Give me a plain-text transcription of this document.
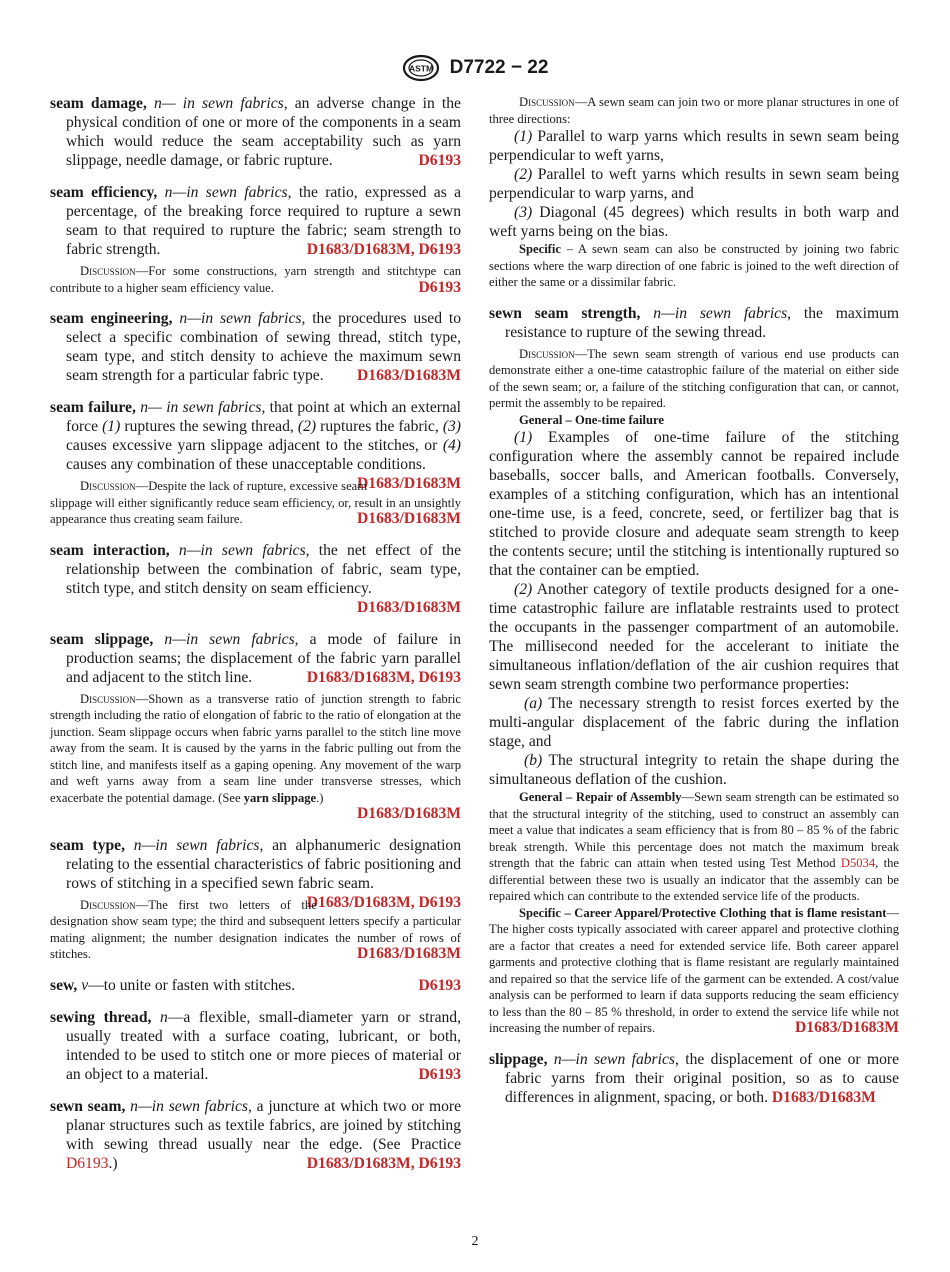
ASTM D7722 − 22
seam damage, n— in sewn fabrics, an adverse change in the physical condition of one or more of the components in a seam which would reduce the seam acceptability such as yarn slippage, needle damage, or fabric rupture.	D6193
seam efficiency, n—in sewn fabrics, the ratio, expressed as a percentage, of the breaking force required to rupture a sewn seam to that required to rupture the fabric; seam strength to fabric strength.	D1683/D1683M, D6193
Discussion—For some constructions, yarn strength and stitchtype can contribute to a higher seam efficiency value.	D6193
seam engineering, n—in sewn fabrics, the procedures used to select a specific combination of sewing thread, stitch type, seam type, and stitch density to achieve the maximum sewn seam strength for a particular fabric type. D1683/D1683M
seam failure, n— in sewn fabrics, that point at which an external force (1) ruptures the sewing thread, (2) ruptures the fabric, (3) causes excessive yarn slippage adjacent to the stitches, or (4) causes any combination of these unacceptable conditions.
D1683/D1683M
Discussion—Despite the lack of rupture, excessive seam slippage will either significantly reduce seam efficiency, or, result in an unsightly appearance thus creating seam failure.	D1683/D1683M
seam interaction, n—in sewn fabrics, the net effect of the relationship between the combination of fabric, seam type, stitch type, and stitch density on seam efficiency.
D1683/D1683M
seam slippage, n—in sewn fabrics, a mode of failure in production seams; the displacement of the fabric yarn parallel and adjacent to the stitch line.	D1683/D1683M, D6193
Discussion—Shown as a transverse ratio of junction strength to fabric strength including the ratio of elongation of fabric to the ratio of elongation at the junction. Seam slippage occurs when fabric yarns parallel to the stitch line move away from the seam. It is caused by the yarns in the fabric pulling out from the stitch line, and manifests itself as a gaping opening. Any movement of the warp and weft yarns away from a seam line under transverse stresses, which exacerbate the potential damage. (See yarn slippage.)
D1683/D1683M
seam type, n—in sewn fabrics, an alphanumeric designation relating to the essential characteristics of fabric positioning and rows of stitching in a specified sewn fabric seam.
D1683/D1683M, D6193
Discussion—The first two letters of the designation show seam type; the third and subsequent letters specify a particular mating alignment; the number designation indicates the number of rows of stitches.	D1683/D1683M
sew, v—to unite or fasten with stitches.	D6193
sewing thread, n—a flexible, small-diameter yarn or strand, usually treated with a surface coating, lubricant, or both, intended to be used to stitch one or more pieces of material or an object to a material.	D6193
sewn seam, n—in sewn fabrics, a juncture at which two or more planar structures such as textile fabrics, are joined by stitching with sewing thread usually near the edge. (See Practice D6193.)	D1683/D1683M, D6193
Discussion—A sewn seam can join two or more planar structures in one of three directions:

(1) Parallel to warp yarns which results in sewn seam being perpendicular to weft yarns,

(2) Parallel to weft yarns which results in sewn seam being perpendicular to warp yarns, and

(3) Diagonal (45 degrees) which results in both warp and weft yarns being on the bias.

Specific – A sewn seam can also be constructed by joining two fabric sections where the warp direction of one fabric is joined to the weft direction of either the same or a dissimilar fabric.

sewn seam strength, n—in sewn fabrics, the maximum resistance to rupture of the sewing thread.
Discussion—The sewn seam strength of various end use products can demonstrate either a one-time catastrophic failure of the material on either side of the sewn seam; or, a failure of the stitching configuration that can, or cannot, permit the assembly to be repaired.

General – One-time failure

(1) Examples of one-time failure of the stitching configuration where the assembly cannot be repaired include baseballs, soccer balls, and American footballs. Conversely, examples of a stitching configuration, which has an intentional one-time use, is a feed, concrete, seed, or fertilizer bag that is stitched to provide closure and adequate seam strength to keep the contents secure; until the stitching is intentionally ruptured so that the container can be emptied.

(2) Another category of textile products designed for a one-time catastrophic failure are inflatable restraints used to protect the occupants in the passenger compartment of an automobile. The millisecond needed for the accelerant to initiate the simultaneous inflation/deflation of the air cushion requires that sewn seam strength combine two performance properties:

(a) The necessary strength to resist forces exerted by the multi-angular displacement of the fabric during the inflation stage, and

(b) The structural integrity to retain the shape during the simultaneous deflation of the cushion.

General – Repair of Assembly—Sewn seam strength can be estimated so that the structural integrity of the stitching, used to construct an assembly can meet a value that indicates a seam efficiency that is from 80 – 85 % of the fabric break strength. While this percentage does not match the maximum break strength that the fabric can attain when tested using Test Method D5034, the differential between these two is usually an indicator that the assembly can be repaired which can contribute to the extended service life of the products.

Specific – Career Apparel/Protective Clothing that is flame resistant—The higher costs typically associated with career apparel and protective clothing are a factor that creates a need for extended service life. Both career apparel garments and protective clothing that is flame resistant are regularly maintained and repaired so that the service life of the garment can be extended. A cost/value analysis can be performed to learn if data supports reducing the seam efficiency to less than the 80 – 85 % threshold, in order to extend the service life while not increasing the number of repairs.	D1683/D1683M

slippage, n—in sewn fabrics, the displacement of one or more fabric yarns from their original position, so as to cause differences in alignment, spacing, or both. D1683/D1683M
2
